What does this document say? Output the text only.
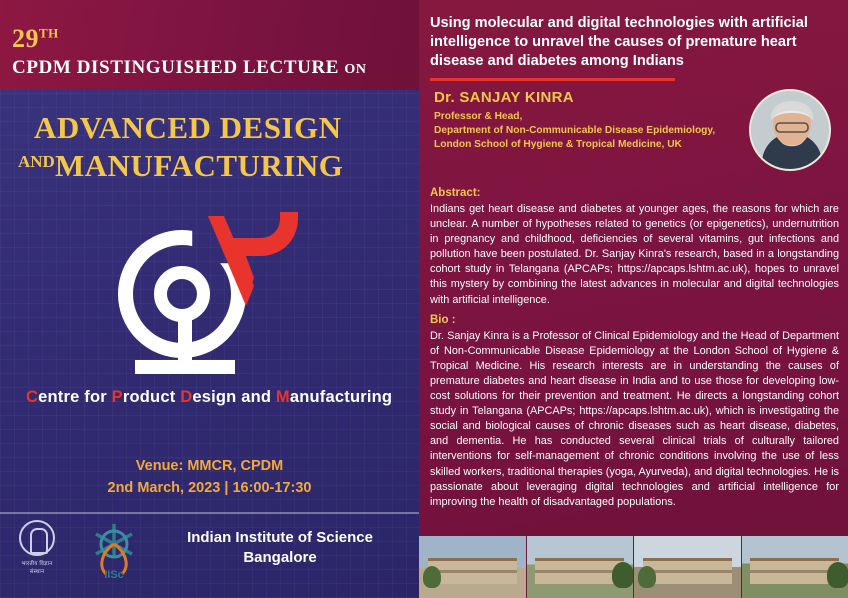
29TH
CPDM DISTINGUISHED LECTURE ON
ADVANCED DESIGN
AND MANUFACTURING
Centre for Product Design and Manufacturing
Venue: MMCR, CPDM
2nd March, 2023 | 16:00-17:30
भारतीय विज्ञान संस्थान	IISc
Indian Institute of Science
Bangalore
Using molecular and digital technologies with artificial intelligence to unravel the causes of premature heart disease and diabetes among Indians
Dr. SANJAY KINRA
Professor & Head,
Department of Non-Communicable Disease Epidemiology,
London School of Hygiene & Tropical Medicine, UK
Abstract:
Indians get heart disease and diabetes at younger ages, the reasons for which are unclear. A number of hypotheses related to genetics (or epigenetics), undernutrition in pregnancy and childhood, deficiencies of several vitamins, gut infections and pollution have been postulated. Dr. Sanjay Kinra's research, based in a longstanding cohort study in Telangana (APCAPs; https://apcaps.lshtm.ac.uk), hopes to unravel this mystery by combining the latest advances in molecular and digital technologies with artificial intelligence.
Bio :
Dr. Sanjay Kinra is a Professor of Clinical Epidemiology and the Head of Department of Non-Communicable Disease Epidemiology at the London School of Hygiene & Tropical Medicine. His research interests are in understanding the causes of premature diabetes and heart disease in India and to use those for developing low-cost solutions for their prevention and treatment. He directs a longstanding cohort study in Telangana (APCAPs; https://apcaps.lshtm.ac.uk), which is investigating the social and biological causes of chronic diseases such as heart disease, diabetes, and dementia. He has conducted several clinical trials of culturally tailored interventions for self-management of chronic conditions involving the use of less skilled workers, traditional therapies (yoga, Ayurveda), and digital technologies. He is passionate about leveraging digital technologies and artificial intelligence for improving the health of disadvantaged populations.
